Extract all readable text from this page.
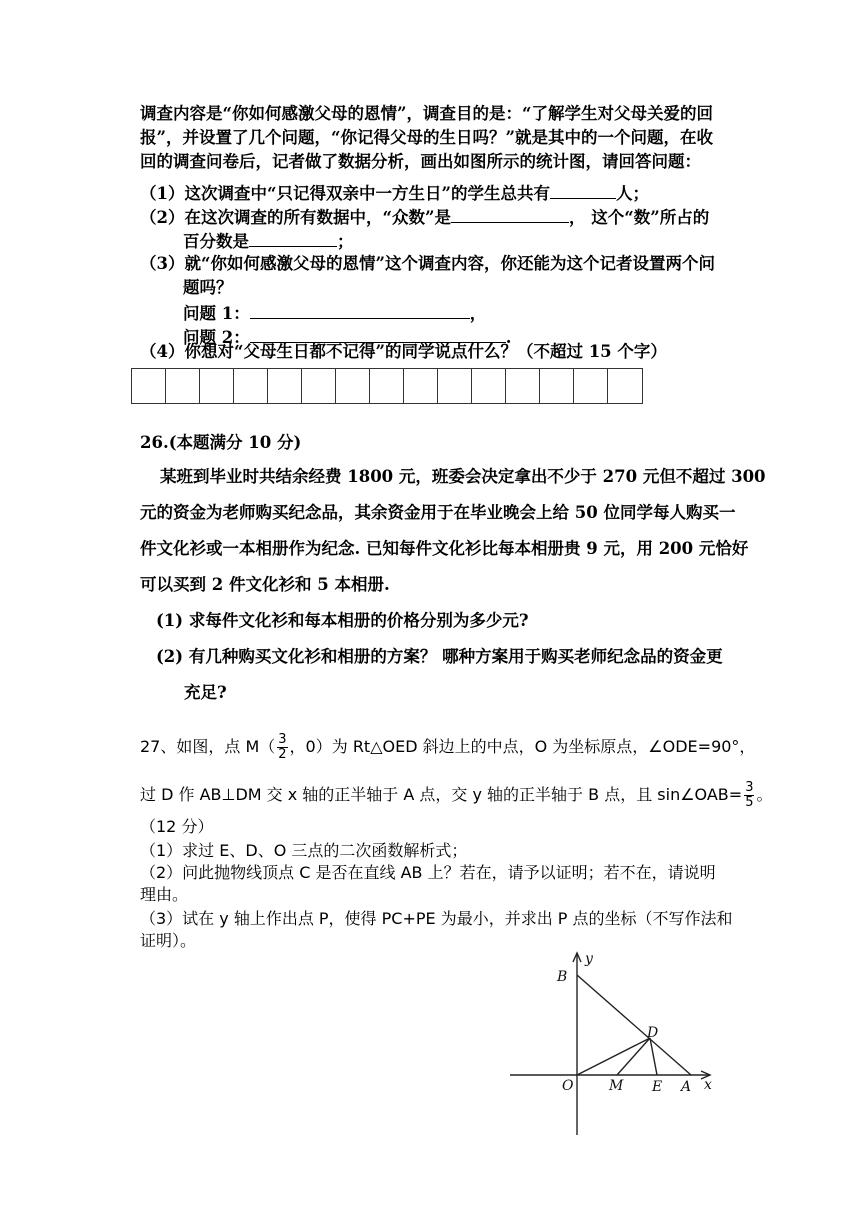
调查内容是“你如何感激父母的恩情”，调查目的是：“了解学生对父母关爱的回
报”，并设置了几个问题，“你记得父母的生日吗？”就是其中的一个问题，在收
回的调查问卷后，记者做了数据分析，画出如图所示的统计图，请回答问题：
（1）这次调查中“只记得双亲中一方生日”的学生总共有	人；
（2）在这次调查的所有数据中，“众数”是	， 这个“数”所占的
百分数是	；
（3）就“你如何感激父母的恩情”这个调查内容，你还能为这个记者设置两个问
题吗？
问题 1：	，
问题 2：	.
（4）你想对“父母生日都不记得”的同学说点什么？（不超过 15 个字）
26.(本题满分 10 分)
某班到毕业时共结余经费 1800 元，班委会决定拿出不少于 270 元但不超过 300
元的资金为老师购买纪念品，其余资金用于在毕业晚会上给 50 位同学每人购买一
件文化衫或一本相册作为纪念. 已知每件文化衫比每本相册贵 9 元，用 200 元恰好
可以买到 2 件文化衫和 5 本相册.
(1) 求每件文化衫和每本相册的价格分别为多少元?
(2) 有几种购买文化衫和相册的方案？ 哪种方案用于购买老师纪念品的资金更
充足?
27、如图，点 $M( \frac{3}{2}$ ，0）为 Rt△OED 斜边上的中点，O 为坐标原点，∠ODE=90°，
过 D 作 AB⊥DM 交 x 轴的正半轴于 A 点，交 y 轴的正半轴于 B 点，且 sin∠OAB= $\frac{3}{5}$ 。
（12 分）
（1）求过 E、D、O 三点的二次函数解析式；
（2）问此抛物线顶点 C 是否在直线 AB 上？若在，请予以证明；若不在，请说明
理由。
（3）试在 y 轴上作出点 P，使得 PC+PE 为最小，并求出 P 点的坐标（不写作法和
证明）。
B
y
D
O	M E A x
